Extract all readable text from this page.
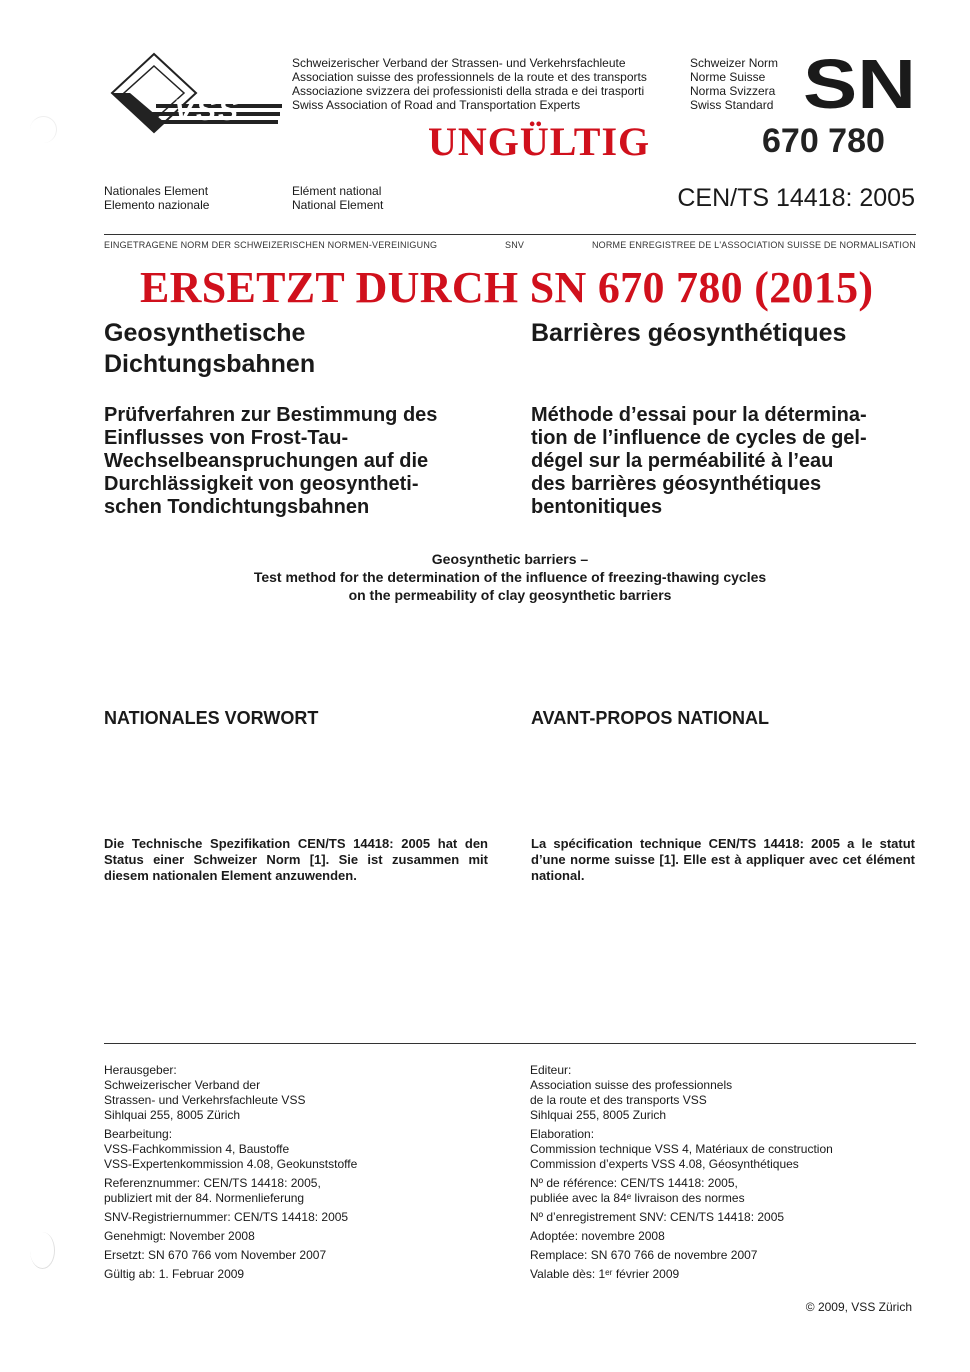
VSS
Schweizerischer Verband der Strassen- und Verkehrsfachleute
Association suisse des professionnels de la route et des transports
Associazione svizzera dei professionisti della strada e dei trasporti
Swiss Association of Road and Transportation Experts
Schweizer Norm
Norme Suisse
Norma Svizzera
Swiss Standard SN
UNGÜLTIG	670 780
Nationales Element
Elemento nazionale
Elément national
National Element	CEN/TS 14418: 2005
EINGETRAGENE NORM DER SCHWEIZERISCHEN NORMEN-VEREINIGUNG	SNV	NORME ENREGISTREE DE L'ASSOCIATION SUISSE DE NORMALISATION
ERSETZT DURCH SN 670 780 (2015)
Geosynthetische
Dichtungsbahnen
Barrières géosynthétiques
Prüfverfahren zur Bestimmung des
Einflusses von Frost-Tau-
Wechselbeanspruchungen auf die
Durchlässigkeit von geosyntheti-
schen Tondichtungsbahnen
Méthode d’essai pour la détermina-
tion de l’influence de cycles de gel-
dégel sur la perméabilité à l’eau
des barrières géosynthétiques
bentonitiques
Geosynthetic barriers –
Test method for the determination of the influence of freezing-thawing cycles
on the permeability of clay geosynthetic barriers
NATIONALES VORWORT	AVANT-PROPOS NATIONAL
Die Technische Spezifikation CEN/TS 14418: 2005 hat den Status einer Schweizer Norm [1]. Sie ist zusammen mit diesem nationalen Element anzuwenden.
La spécification technique CEN/TS 14418: 2005 a le statut d’une norme suisse [1]. Elle est à appliquer avec cet élément national.
Herausgeber:
Schweizerischer Verband der
Strassen- und Verkehrsfachleute VSS
Sihlquai 255, 8005 Zürich
Bearbeitung:
VSS-Fachkommission 4, Baustoffe
VSS-Expertenkommission 4.08, Geokunststoffe
Referenznummer: CEN/TS 14418: 2005,
publiziert mit der 84. Normenlieferung
SNV-Registriernummer: CEN/TS 14418: 2005
Genehmigt: November 2008
Ersetzt: SN 670 766 vom November 2007
Gültig ab: 1. Februar 2009
Editeur:
Association suisse des professionnels
de la route et des transports VSS
Sihlquai 255, 8005 Zurich
Elaboration:
Commission technique VSS 4, Matériaux de construction
Commission d’experts VSS 4.08, Géosynthétiques
Nº de référence: CEN/TS 14418: 2005,
publiée avec la 84ᵉ livraison des normes
Nº d’enregistrement SNV: CEN/TS 14418: 2005
Adoptée: novembre 2008
Remplace: SN 670 766 de novembre 2007
Valable dès: 1ᵉʳ février 2009
© 2009, VSS Zürich
